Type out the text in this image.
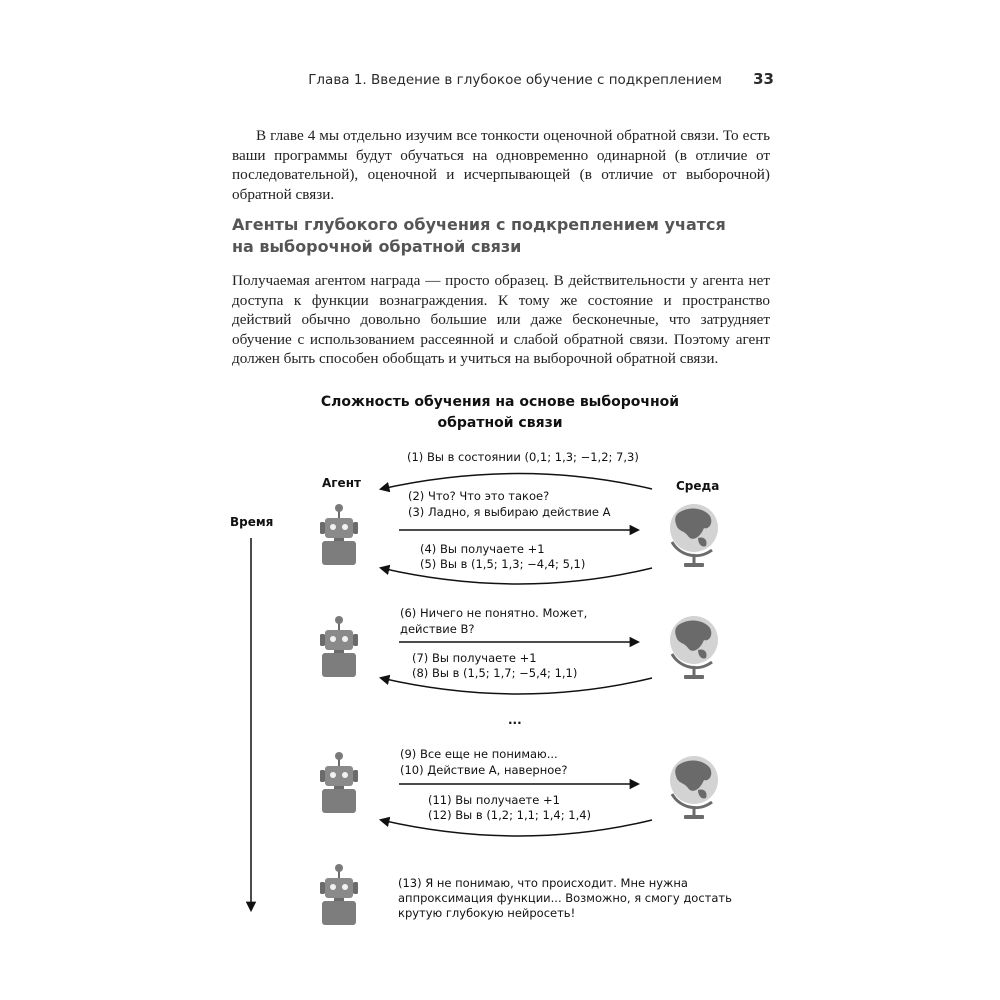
Глава 1. Введение в глубокое обучение с подкреплением 33
В главе 4 мы отдельно изучим все тонкости оценочной обратной связи. То есть ваши программы будут обучаться на одновременно одинарной (в отличие от последовательной), оценочной и исчерпывающей (в отличие от выборочной) обратной связи.
Агенты глубокого обучения с подкреплением учатся
на выборочной обратной связи
Получаемая агентом награда — просто образец. В действительности у агента нет доступа к функции вознаграждения. К тому же состояние и пространство действий обычно довольно большие или даже бесконечные, что затрудняет обучение с использованием рассеянной и слабой обратной связи. Поэтому агент должен быть способен обобщать и учиться на выборочной обратной связи.
Сложность обучения на основе выборочной
обратной связи
Агент	Среда
Время
(1) Вы в состоянии (0,1; 1,3; −1,2; 7,3)
(2) Что? Что это такое?
(3) Ладно, я выбираю действие A
(4) Вы получаете +1
(5) Вы в (1,5; 1,3; −4,4; 5,1)
(6) Ничего не понятно. Может,
действие B?
(7) Вы получаете +1
(8) Вы в (1,5; 1,7; −5,4; 1,1)
...
(9) Все еще не понимаю...
(10) Действие A, наверное?
(11) Вы получаете +1
(12) Вы в (1,2; 1,1; 1,4; 1,4)
(13) Я не понимаю, что происходит. Мне нужна
аппроксимация функции... Возможно, я смогу достать
крутую глубокую нейросеть!
